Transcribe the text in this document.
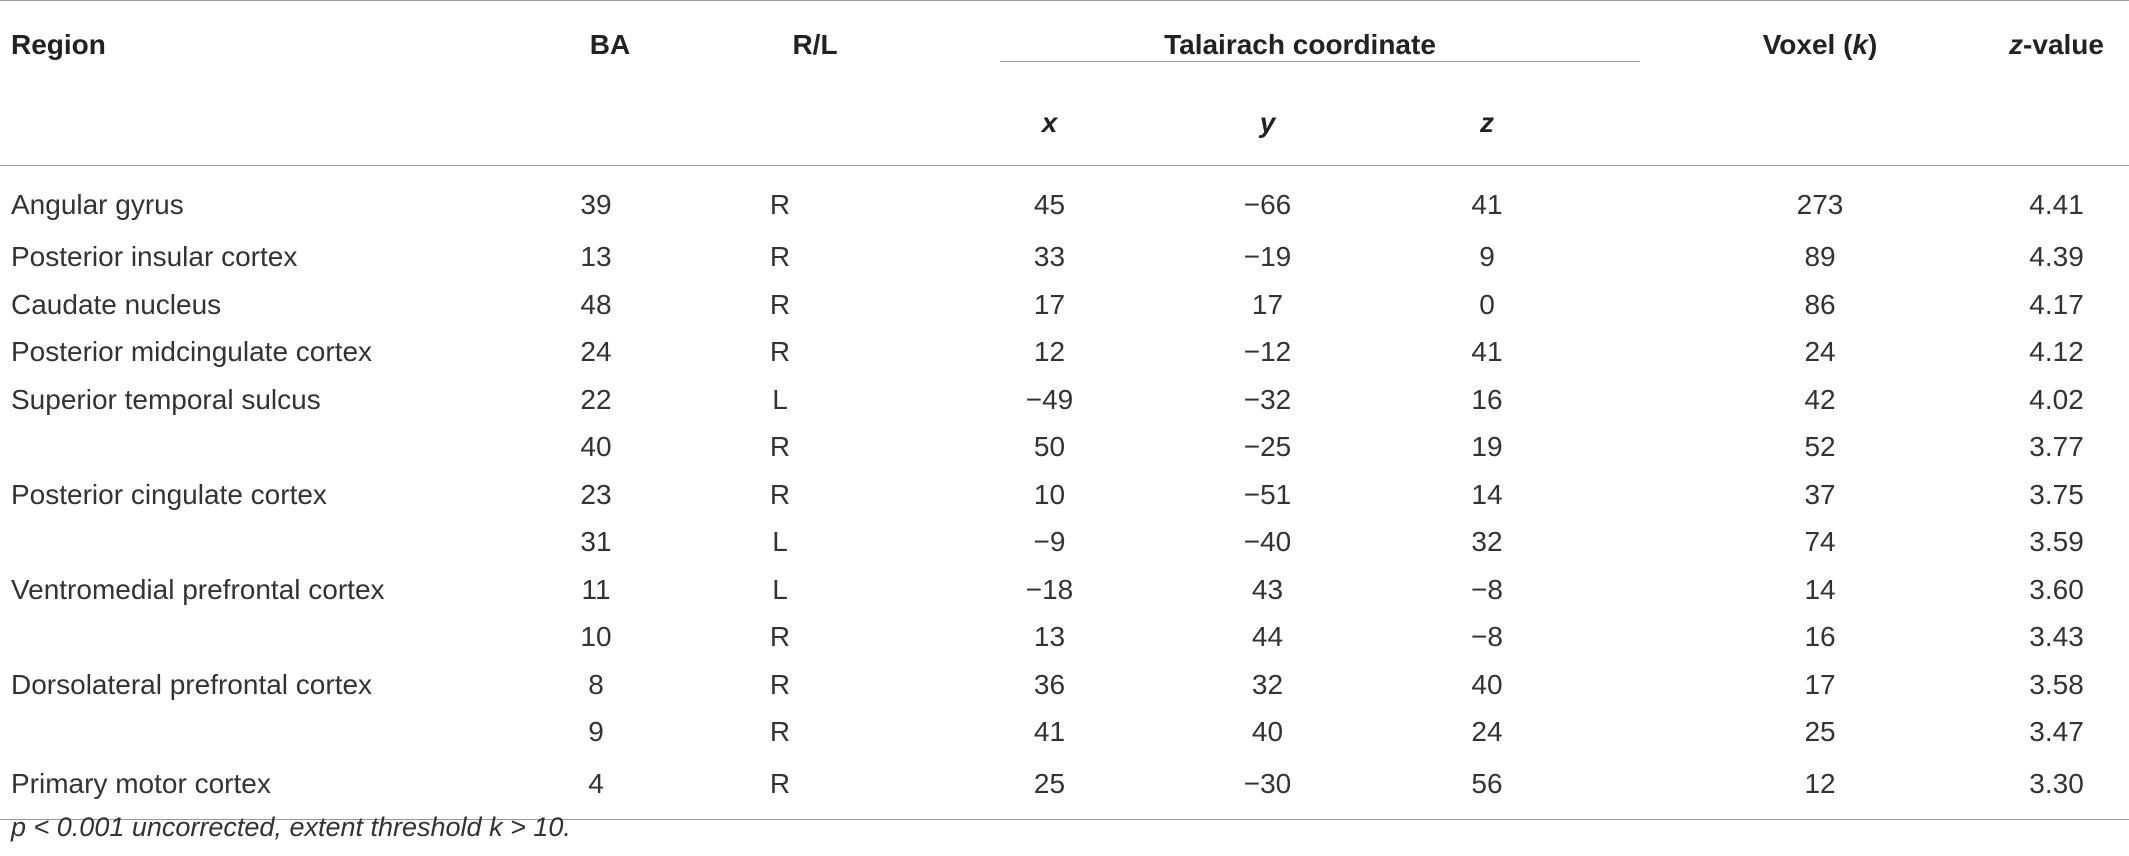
Region	BA	R/L	Talairach coordinate		Voxel (k)	z-value
			x	y	z			
Angular gyrus	39	R	45	−66	41		273	4.41
Posterior insular cortex	13	R	33	−19	9		89	4.39
Caudate nucleus	48	R	17	17	0		86	4.17
Posterior midcingulate cortex	24	R	12	−12	41		24	4.12
Superior temporal sulcus	22	L	−49	−32	16		42	4.02
	40	R	50	−25	19		52	3.77
Posterior cingulate cortex	23	R	10	−51	14		37	3.75
	31	L	−9	−40	32		74	3.59
Ventromedial prefrontal cortex	11	L	−18	43	−8		14	3.60
	10	R	13	44	−8		16	3.43
Dorsolateral prefrontal cortex	8	R	36	32	40		17	3.58
	9	R	41	40	24		25	3.47
Primary motor cortex	4	R	25	−30	56		12	3.30
p < 0.001 uncorrected, extent threshold k > 10.
